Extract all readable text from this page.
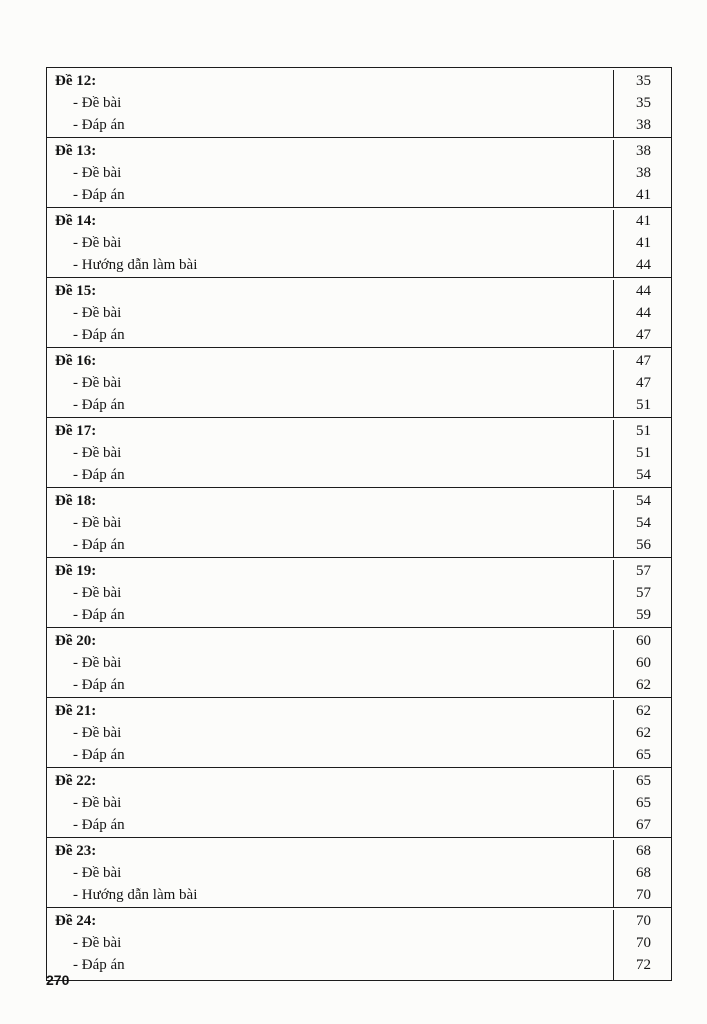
Đề 12:	35
- Đề bài	35
- Đáp án	38
Đề 13:	38
- Đề bài	38
- Đáp án	41
Đề 14:	41
- Đề bài	41
- Hướng dẫn làm bài	44
Đề 15:	44
- Đề bài	44
- Đáp án	47
Đề 16:	47
- Đề bài	47
- Đáp án	51
Đề 17:	51
- Đề bài	51
- Đáp án	54
Đề 18:	54
- Đề bài	54
- Đáp án	56
Đề 19:	57
- Đề bài	57
- Đáp án	59
Đề 20:	60
- Đề bài	60
- Đáp án	62
Đề 21:	62
- Đề bài	62
- Đáp án	65
Đề 22:	65
- Đề bài	65
- Đáp án	67
Đề 23:	68
- Đề bài	68
- Hướng dẫn làm bài	70
Đề 24:	70
- Đề bài	70
- Đáp án	72
270
